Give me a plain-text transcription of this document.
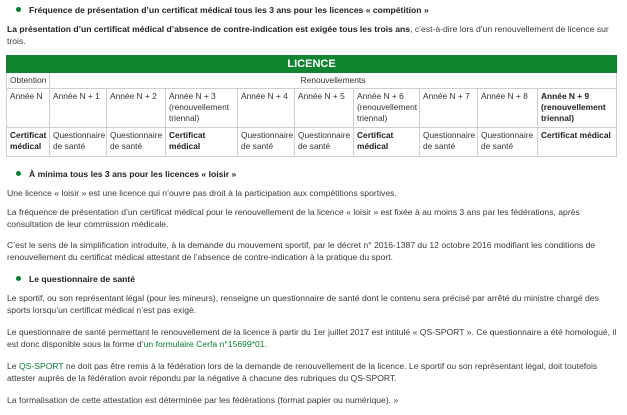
Fréquence de présentation d’un certificat médical tous les 3 ans pour les licences « compétition »
La présentation d’un certificat médical d’absence de contre-indication est exigée tous les trois ans, c’est-à-dire lors d’un renouvellement de licence sur trois.
LICENCE									
Obtention	Renouvellements								
Année N	Année N + 1	Année N + 2	Année N + 3 (renouvellement triennal)	Année N + 4	Année N + 5	Année N + 6 (renouvellement triennal)	Année N + 7	Année N + 8	Année N + 9 (renouvellement triennal)
Certificat médical	Questionnaire de santé	Questionnaire de santé	Certificat médical	Questionnaire de santé	Questionnaire de santé	Certificat médical	Questionnaire de santé	Questionnaire de santé	Certificat médical
À minima tous les 3 ans pour les licences « loisir »
Une licence « loisir » est une licence qui n’ouvre pas droit à la participation aux compétitions sportives.
La fréquence de présentation d’un certificat médical pour le renouvellement de la licence « loisir » est fixée à au moins 3 ans par les fédérations, après consultation de leur commission médicale.
C’est le sens de la simplification introduite, à la demande du mouvement sportif, par le décret n° 2016-1387 du 12 octobre 2016 modifiant les conditions de renouvellement du certificat médical attestant de l’absence de contre-indication à la pratique du sport.
Le questionnaire de santé
Le sportif, ou son représentant légal (pour les mineurs), renseigne un questionnaire de santé dont le contenu sera précisé par arrêté du ministre chargé des sports lorsqu’un certificat médical n’est pas exigé.
Le questionnaire de santé permettant le renouvellement de la licence à partir du 1er juillet 2017 est intitulé « QS-SPORT ». Ce questionnaire a été homologué, il est donc disponible sous la forme d’un formulaire Cerfa n°15699*01.
Le QS-SPORT ne doit pas être remis à la fédération lors de la demande de renouvellement de la licence. Le sportif ou son représentant légal, doit toutefois attester auprès de la fédération avoir répondu par la négative à chacune des rubriques du QS-SPORT.
La formalisation de cette attestation est déterminée par les fédérations (format papier ou numérique). »
